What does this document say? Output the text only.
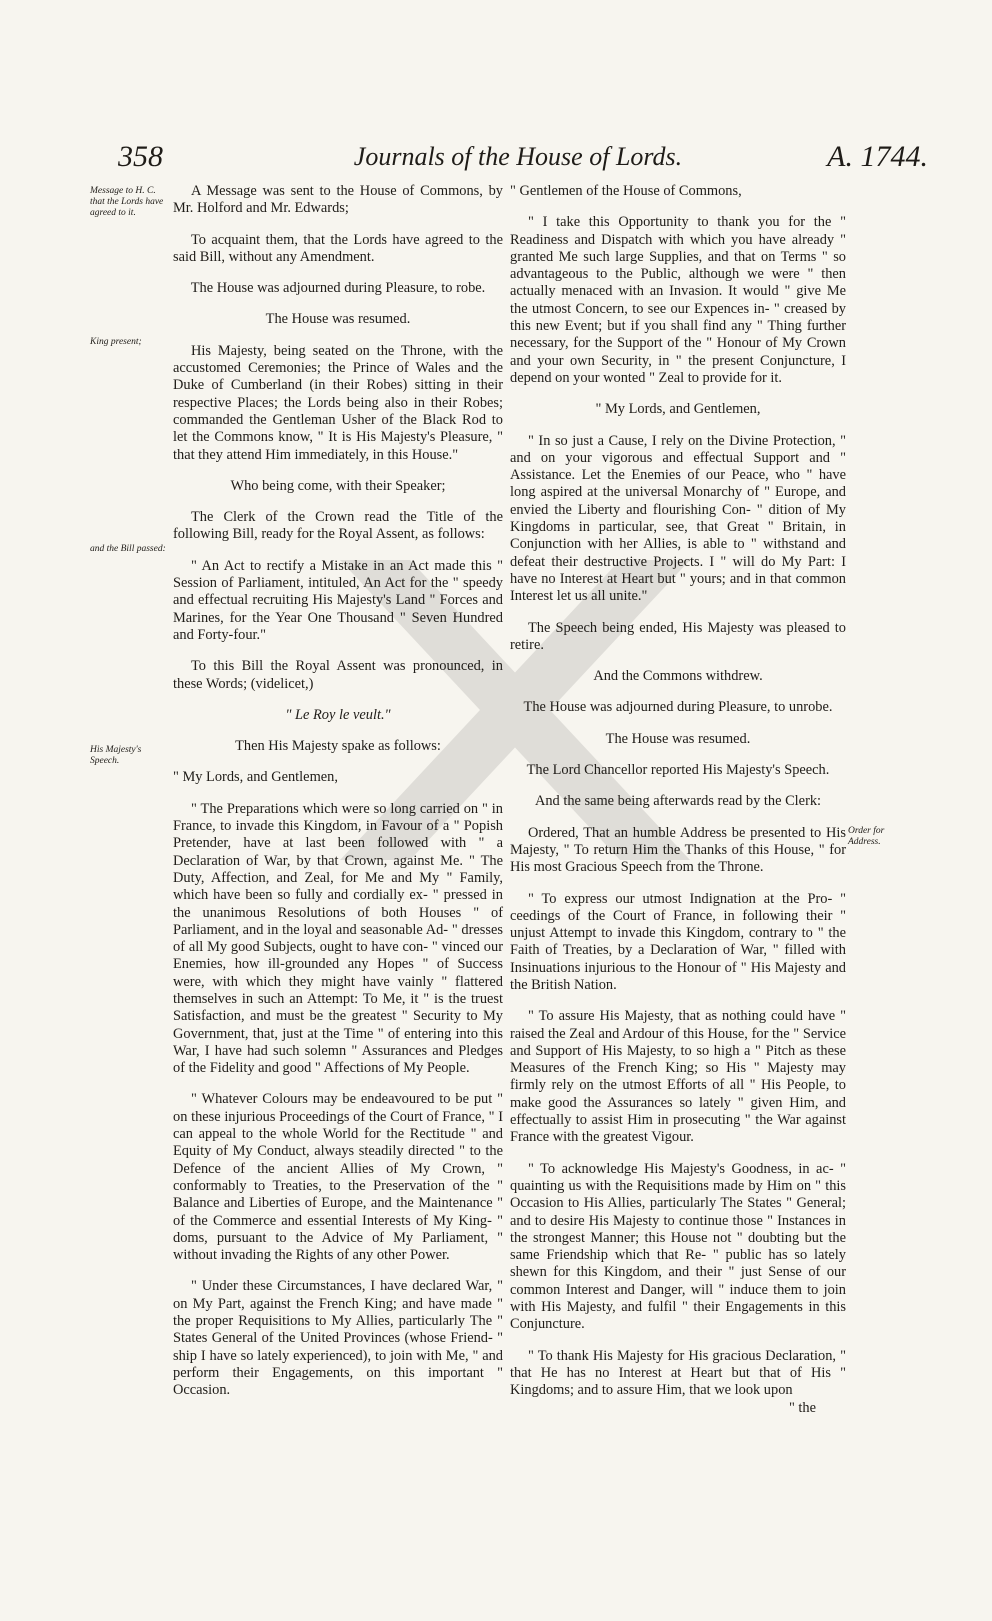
358	Journals of the House of Lords.	A. 1744.
Message to H. C. that the Lords have agreed to it.
King present;
and the Bill passed:
His Majesty's Speech.
Order for Address.

A Message was sent to the House of Commons, by Mr. Holford and Mr. Edwards;

To acquaint them, that the Lords have agreed to the said Bill, without any Amendment.

The House was adjourned during Pleasure, to robe.

The House was resumed.

His Majesty, being seated on the Throne, with the accustomed Ceremonies; the Prince of Wales and the Duke of Cumberland (in their Robes) sitting in their respective Places; the Lords being also in their Robes; commanded the Gentleman Usher of the Black Rod to let the Commons know, " It is His Majesty's Pleasure, " that they attend Him immediately, in this House."

Who being come, with their Speaker;

The Clerk of the Crown read the Title of the following Bill, ready for the Royal Assent, as follows:

" An Act to rectify a Mistake in an Act made this " Session of Parliament, intituled, An Act for the " speedy and effectual recruiting His Majesty's Land " Forces and Marines, for the Year One Thousand " Seven Hundred and Forty-four."

To this Bill the Royal Assent was pronounced, in these Words; (videlicet,)

" Le Roy le veult."

Then His Majesty spake as follows:

" My Lords, and Gentlemen,

" The Preparations which were so long carried on " in France, to invade this Kingdom, in Favour of a " Popish Pretender, have at last been followed with " a Declaration of War, by that Crown, against Me. " The Duty, Affection, and Zeal, for Me and My " Family, which have been so fully and cordially ex- " pressed in the unanimous Resolutions of both Houses " of Parliament, and in the loyal and seasonable Ad- " dresses of all My good Subjects, ought to have con- " vinced our Enemies, how ill-grounded any Hopes " of Success were, with which they might have vainly " flattered themselves in such an Attempt: To Me, it " is the truest Satisfaction, and must be the greatest " Security to My Government, that, just at the Time " of entering into this War, I have had such solemn " Assurances and Pledges of the Fidelity and good " Affections of My People.

" Whatever Colours may be endeavoured to be put " on these injurious Proceedings of the Court of France, " I can appeal to the whole World for the Rectitude " and Equity of My Conduct, always steadily directed " to the Defence of the ancient Allies of My Crown, " conformably to Treaties, to the Preservation of the " Balance and Liberties of Europe, and the Maintenance " of the Commerce and essential Interests of My King- " doms, pursuant to the Advice of My Parliament, " without invading the Rights of any other Power.

" Under these Circumstances, I have declared War, " on My Part, against the French King; and have made " the proper Requisitions to My Allies, particularly The " States General of the United Provinces (whose Friend- " ship I have so lately experienced), to join with Me, " and perform their Engagements, on this important " Occasion.

" Gentlemen of the House of Commons,

" I take this Opportunity to thank you for the " Readiness and Dispatch with which you have already " granted Me such large Supplies, and that on Terms " so advantageous to the Public, although we were " then actually menaced with an Invasion. It would " give Me the utmost Concern, to see our Expences in- " creased by this new Event; but if you shall find any " Thing further necessary, for the Support of the " Honour of My Crown and your own Security, in " the present Conjuncture, I depend on your wonted " Zeal to provide for it.

" My Lords, and Gentlemen,

" In so just a Cause, I rely on the Divine Protection, " and on your vigorous and effectual Support and " Assistance. Let the Enemies of our Peace, who " have long aspired at the universal Monarchy of " Europe, and envied the Liberty and flourishing Con- " dition of My Kingdoms in particular, see, that Great " Britain, in Conjunction with her Allies, is able to " withstand and defeat their destructive Projects. I " will do My Part: I have no Interest at Heart but " yours; and in that common Interest let us all unite."

The Speech being ended, His Majesty was pleased to retire.

And the Commons withdrew.

The House was adjourned during Pleasure, to unrobe.

The House was resumed.

The Lord Chancellor reported His Majesty's Speech.

And the same being afterwards read by the Clerk:

Ordered, That an humble Address be presented to His Majesty, " To return Him the Thanks of this House, " for His most Gracious Speech from the Throne.

" To express our utmost Indignation at the Pro- " ceedings of the Court of France, in following their " unjust Attempt to invade this Kingdom, contrary to " the Faith of Treaties, by a Declaration of War, " filled with Insinuations injurious to the Honour of " His Majesty and the British Nation.

" To assure His Majesty, that as nothing could have " raised the Zeal and Ardour of this House, for the " Service and Support of His Majesty, to so high a " Pitch as these Measures of the French King; so His " Majesty may firmly rely on the utmost Efforts of all " His People, to make good the Assurances so lately " given Him, and effectually to assist Him in prosecuting " the War against France with the greatest Vigour.

" To acknowledge His Majesty's Goodness, in ac- " quainting us with the Requisitions made by Him on " this Occasion to His Allies, particularly The States " General; and to desire His Majesty to continue those " Instances in the strongest Manner; this House not " doubting but the same Friendship which that Re- " public has so lately shewn for this Kingdom, and their " just Sense of our common Interest and Danger, will " induce them to join with His Majesty, and fulfil " their Engagements in this Conjuncture.

" To thank His Majesty for His gracious Declaration, " that He has no Interest at Heart but that of His " Kingdoms; and to assure Him, that we look upon

" the
